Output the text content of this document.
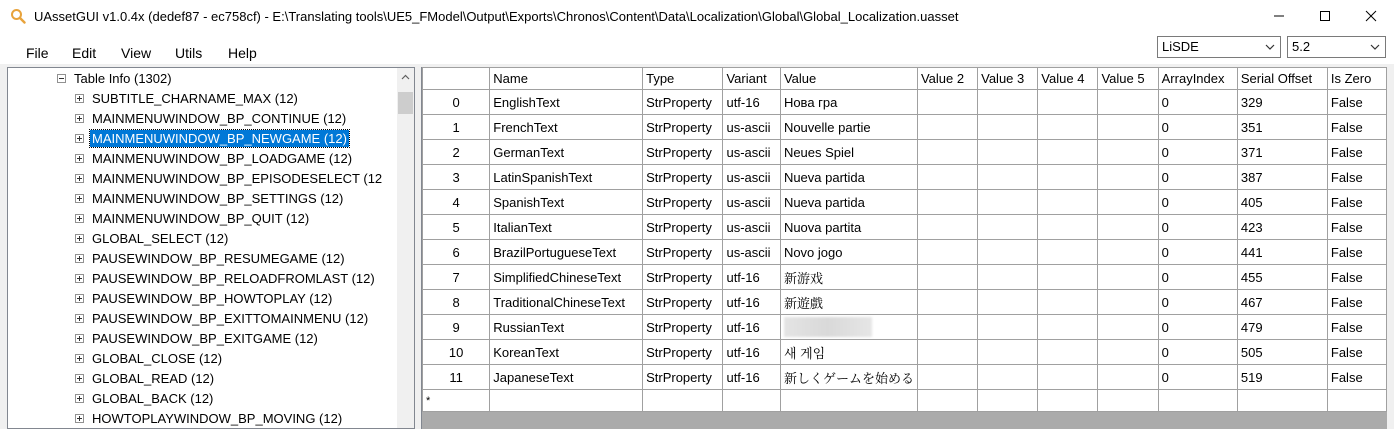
UAssetGUI v1.0.4x (dedef87 - ec758cf) - E:\Translating tools\UE5_FModel\Output\Exports\Chronos\Content\Data\Localization\Global\Global_Localization.uasset
File Edit View Utils Help	LiSDE	5.2
Table Info (1302)
SUBTITLE_CHARNAME_MAX (12)
MAINMENUWINDOW_BP_CONTINUE (12)
MAINMENUWINDOW_BP_NEWGAME (12)
MAINMENUWINDOW_BP_LOADGAME (12)
MAINMENUWINDOW_BP_EPISODESELECT (12
MAINMENUWINDOW_BP_SETTINGS (12)
MAINMENUWINDOW_BP_QUIT (12)
GLOBAL_SELECT (12)
PAUSEWINDOW_BP_RESUMEGAME (12)
PAUSEWINDOW_BP_RELOADFROMLAST (12)
PAUSEWINDOW_BP_HOWTOPLAY (12)
PAUSEWINDOW_BP_EXITTOMAINMENU (12)
PAUSEWINDOW_BP_EXITGAME (12)
GLOBAL_CLOSE (12)
GLOBAL_READ (12)
GLOBAL_BACK (12)
HOWTOPLAYWINDOW_BP_MOVING (12)
	Name	Type	Variant	Value	Value 2	Value 3	Value 4	Value 5	ArrayIndex	Serial Offset	Is Zero
0	EnglishText	StrProperty	utf-16	Нова гра					0	329	False
1	FrenchText	StrProperty	us-ascii	Nouvelle partie					0	351	False
2	GermanText	StrProperty	us-ascii	Neues Spiel					0	371	False
3	LatinSpanishText	StrProperty	us-ascii	Nueva partida					0	387	False
4	SpanishText	StrProperty	us-ascii	Nueva partida					0	405	False
5	ItalianText	StrProperty	us-ascii	Nuova partita					0	423	False
6	BrazilPortugueseText	StrProperty	us-ascii	Novo jogo					0	441	False
7	SimplifiedChineseText	StrProperty	utf-16	新游戏					0	455	False
8	TraditionalChineseText	StrProperty	utf-16	新遊戲					0	467	False
9	RussianText	StrProperty	utf-16						0	479	False
10	KoreanText	StrProperty	utf-16	새 게임					0	505	False
11	JapaneseText	StrProperty	utf-16	新しくゲームを始める					0	519	False
*											
